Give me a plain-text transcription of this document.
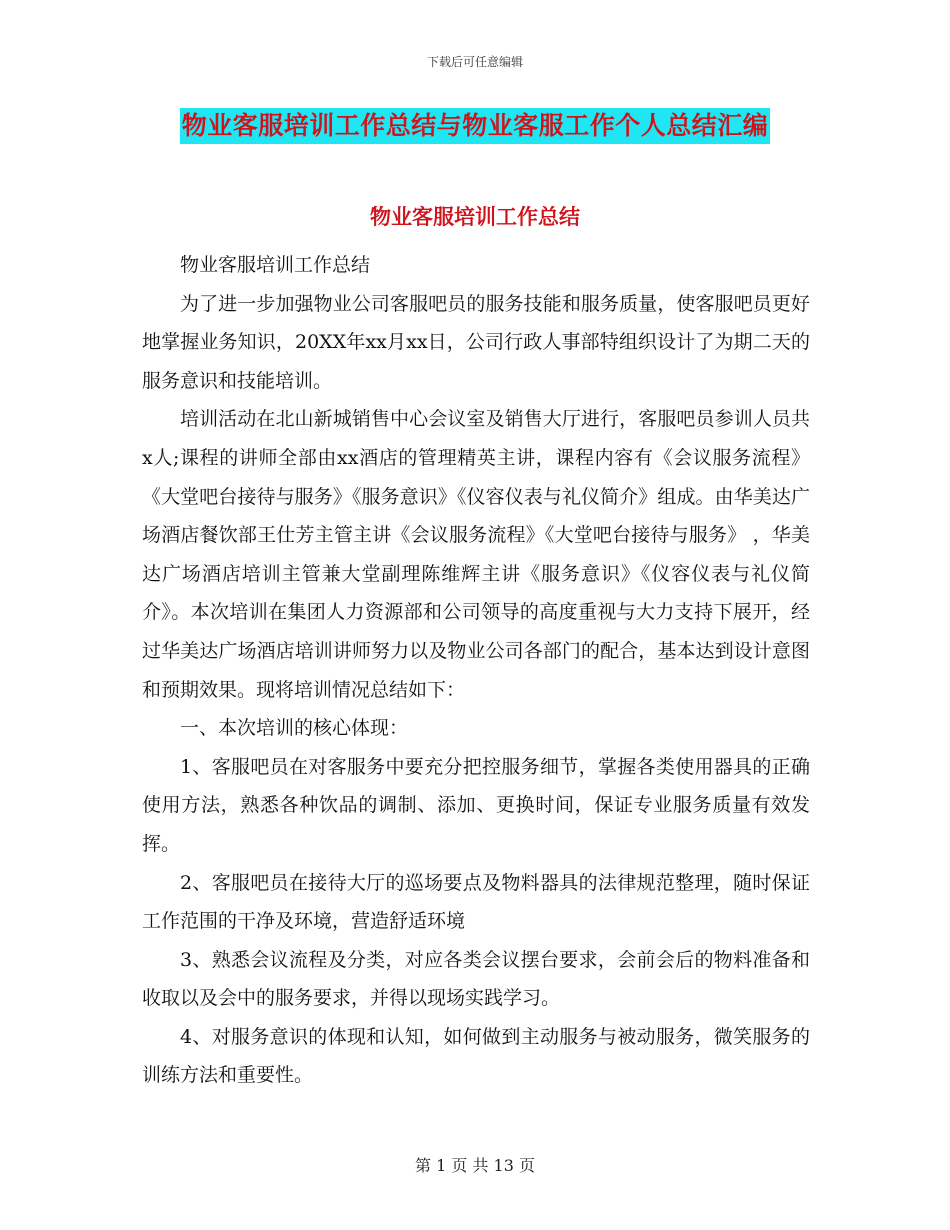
下载后可任意编辑
物业客服培训工作总结与物业客服工作个人总结汇编
物业客服培训工作总结

物业客服培训工作总结

为了进一步加强物业公司客服吧员的服务技能和服务质量，使客服吧员更好地掌握业务知识，20XX年xx月xx日，公司行政人事部特组织设计了为期二天的服务意识和技能培训。

培训活动在北山新城销售中心会议室及销售大厅进行，客服吧员参训人员共x人;课程的讲师全部由xx酒店的管理精英主讲，课程内容有《会议服务流程》《大堂吧台接待与服务》《服务意识》《仪容仪表与礼仪简介》组成。由华美达广场酒店餐饮部王仕芳主管主讲《会议服务流程》《大堂吧台接待与服务》 ，华美达广场酒店培训主管兼大堂副理陈维辉主讲《服务意识》《仪容仪表与礼仪简介》。本次培训在集团人力资源部和公司领导的高度重视与大力支持下展开，经过华美达广场酒店培训讲师努力以及物业公司各部门的配合，基本达到设计意图和预期效果。现将培训情况总结如下：

一、本次培训的核心体现：

1、客服吧员在对客服务中要充分把控服务细节，掌握各类使用器具的正确使用方法，熟悉各种饮品的调制、添加、更换时间，保证专业服务质量有效发挥。

2、客服吧员在接待大厅的巡场要点及物料器具的法律规范整理，随时保证工作范围的干净及环境，营造舒适环境

3、熟悉会议流程及分类，对应各类会议摆台要求，会前会后的物料准备和收取以及会中的服务要求，并得以现场实践学习。

4、对服务意识的体现和认知，如何做到主动服务与被动服务，微笑服务的训练方法和重要性。

第 1 页 共 13 页
